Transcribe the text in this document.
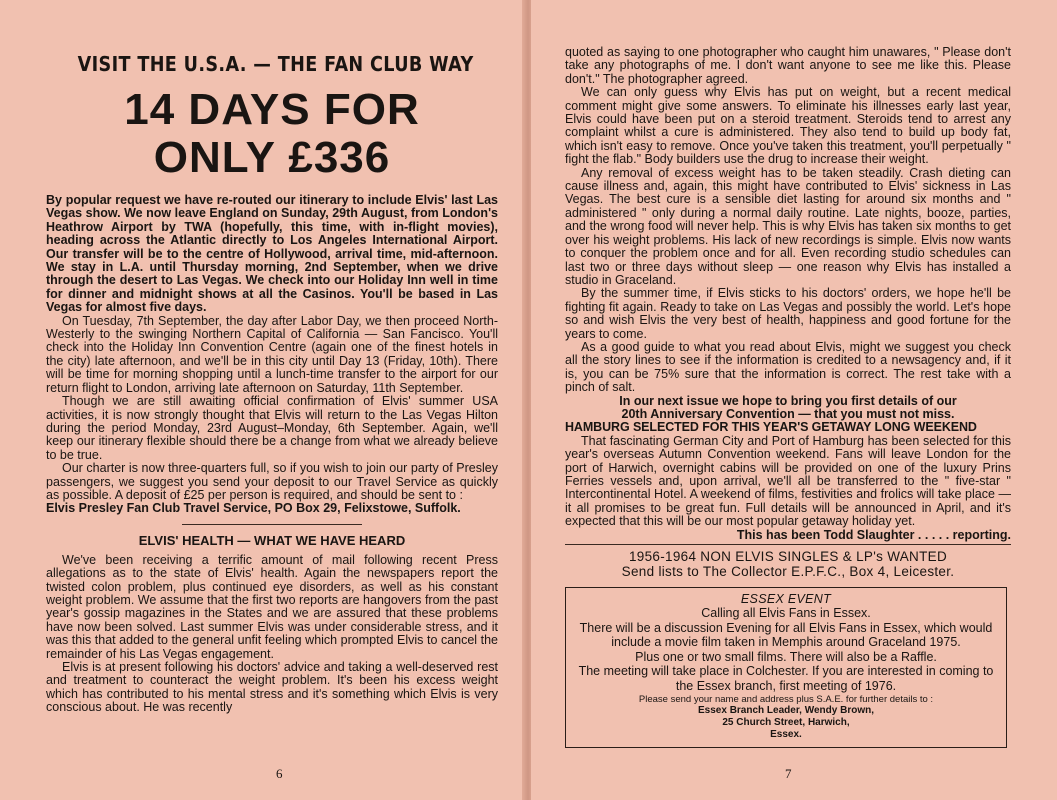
VISIT THE U.S.A. — THE FAN CLUB WAY
14 DAYS FOR
ONLY £336

By popular request we have re-routed our itinerary to include Elvis' last Las Vegas show. We now leave England on Sunday, 29th August, from London's Heathrow Airport by TWA (hopefully, this time, with in-flight movies), heading across the Atlantic directly to Los Angeles International Airport. Our transfer will be to the centre of Hollywood, arrival time, mid-afternoon. We stay in L.A. until Thursday morning, 2nd September, when we drive through the desert to Las Vegas. We check into our Holiday Inn well in time for dinner and midnight shows at all the Casinos. You'll be based in Las Vegas for almost five days.

On Tuesday, 7th September, the day after Labor Day, we then proceed North-Westerly to the swinging Northern Capital of California — San Fancisco. You'll check into the Holiday Inn Convention Centre (again one of the finest hotels in the city) late afternoon, and we'll be in this city until Day 13 (Friday, 10th). There will be time for morning shopping until a lunch-time transfer to the airport for our return flight to London, arriving late afternoon on Saturday, 11th September.

Though we are still awaiting official confirmation of Elvis' summer USA activities, it is now strongly thought that Elvis will return to the Las Vegas Hilton during the period Monday, 23rd August–Monday, 6th September. Again, we'll keep our itinerary flexible should there be a change from what we already believe to be true.

Our charter is now three-quarters full, so if you wish to join our party of Presley passengers, we suggest you send your deposit to our Travel Service as quickly as possible. A deposit of £25 per person is required, and should be sent to :

Elvis Presley Fan Club Travel Service, PO Box 29, Felixstowe, Suffolk.

ELVIS' HEALTH — WHAT WE HAVE HEARD

We've been receiving a terrific amount of mail following recent Press allegations as to the state of Elvis' health. Again the newspapers report the twisted colon problem, plus continued eye disorders, as well as his constant weight problem. We assume that the first two reports are hangovers from the past year's gossip magazines in the States and we are assured that these problems have now been solved. Last summer Elvis was under considerable stress, and it was this that added to the general unfit feeling which prompted Elvis to cancel the remainder of his Las Vegas engagement.

Elvis is at present following his doctors' advice and taking a well-deserved rest and treatment to counteract the weight problem. It's been his excess weight which has contributed to his mental stress and it's something which Elvis is very conscious about. He was recently

6

quoted as saying to one photographer who caught him unawares, " Please don't take any photographs of me. I don't want anyone to see me like this. Please don't." The photographer agreed.

We can only guess why Elvis has put on weight, but a recent medical comment might give some answers. To eliminate his illnesses early last year, Elvis could have been put on a steroid treatment. Steroids tend to arrest any complaint whilst a cure is administered. They also tend to build up body fat, which isn't easy to remove. Once you've taken this treatment, you'll perpetually " fight the flab." Body builders use the drug to increase their weight.

Any removal of excess weight has to be taken steadily. Crash dieting can cause illness and, again, this might have contributed to Elvis' sickness in Las Vegas. The best cure is a sensible diet lasting for around six months and " administered " only during a normal daily routine. Late nights, booze, parties, and the wrong food will never help. This is why Elvis has taken six months to get over his weight problems. His lack of new recordings is simple. Elvis now wants to conquer the problem once and for all. Even recording studio schedules can last two or three days without sleep — one reason why Elvis has installed a studio in Graceland.

By the summer time, if Elvis sticks to his doctors' orders, we hope he'll be fighting fit again. Ready to take on Las Vegas and possibly the world. Let's hope so and wish Elvis the very best of health, happiness and good fortune for the years to come.

As a good guide to what you read about Elvis, might we suggest you check all the story lines to see if the information is credited to a newsagency and, if it is, you can be 75% sure that the information is correct. The rest take with a pinch of salt.

In our next issue we hope to bring you first details of our

20th Anniversary Convention — that you must not miss.

HAMBURG SELECTED FOR THIS YEAR'S GETAWAY LONG WEEKEND

That fascinating German City and Port of Hamburg has been selected for this year's overseas Autumn Convention weekend. Fans will leave London for the port of Harwich, overnight cabins will be provided on one of the luxury Prins Ferries vessels and, upon arrival, we'll all be transferred to the " five-star " Intercontinental Hotel. A weekend of films, festivities and frolics will take place — it all promises to be great fun. Full details will be announced in April, and it's expected that this will be our most popular getaway holiday yet.

This has been Todd Slaughter . . . . . reporting.

1956-1964 NON ELVIS SINGLES & LP's WANTED
Send lists to The Collector E.P.F.C., Box 4, Leicester.
ESSEX EVENT

Calling all Elvis Fans in Essex.

There will be a discussion Evening for all Elvis Fans in Essex, which would include a movie film taken in Memphis around Graceland 1975.

Plus one or two small films. There will also be a Raffle.

The meeting will take place in Colchester. If you are interested in coming to the Essex branch, first meeting of 1976.

Please send your name and address plus S.A.E. for further details to :

Essex Branch Leader, Wendy Brown,
25 Church Street, Harwich,
Essex.
7
